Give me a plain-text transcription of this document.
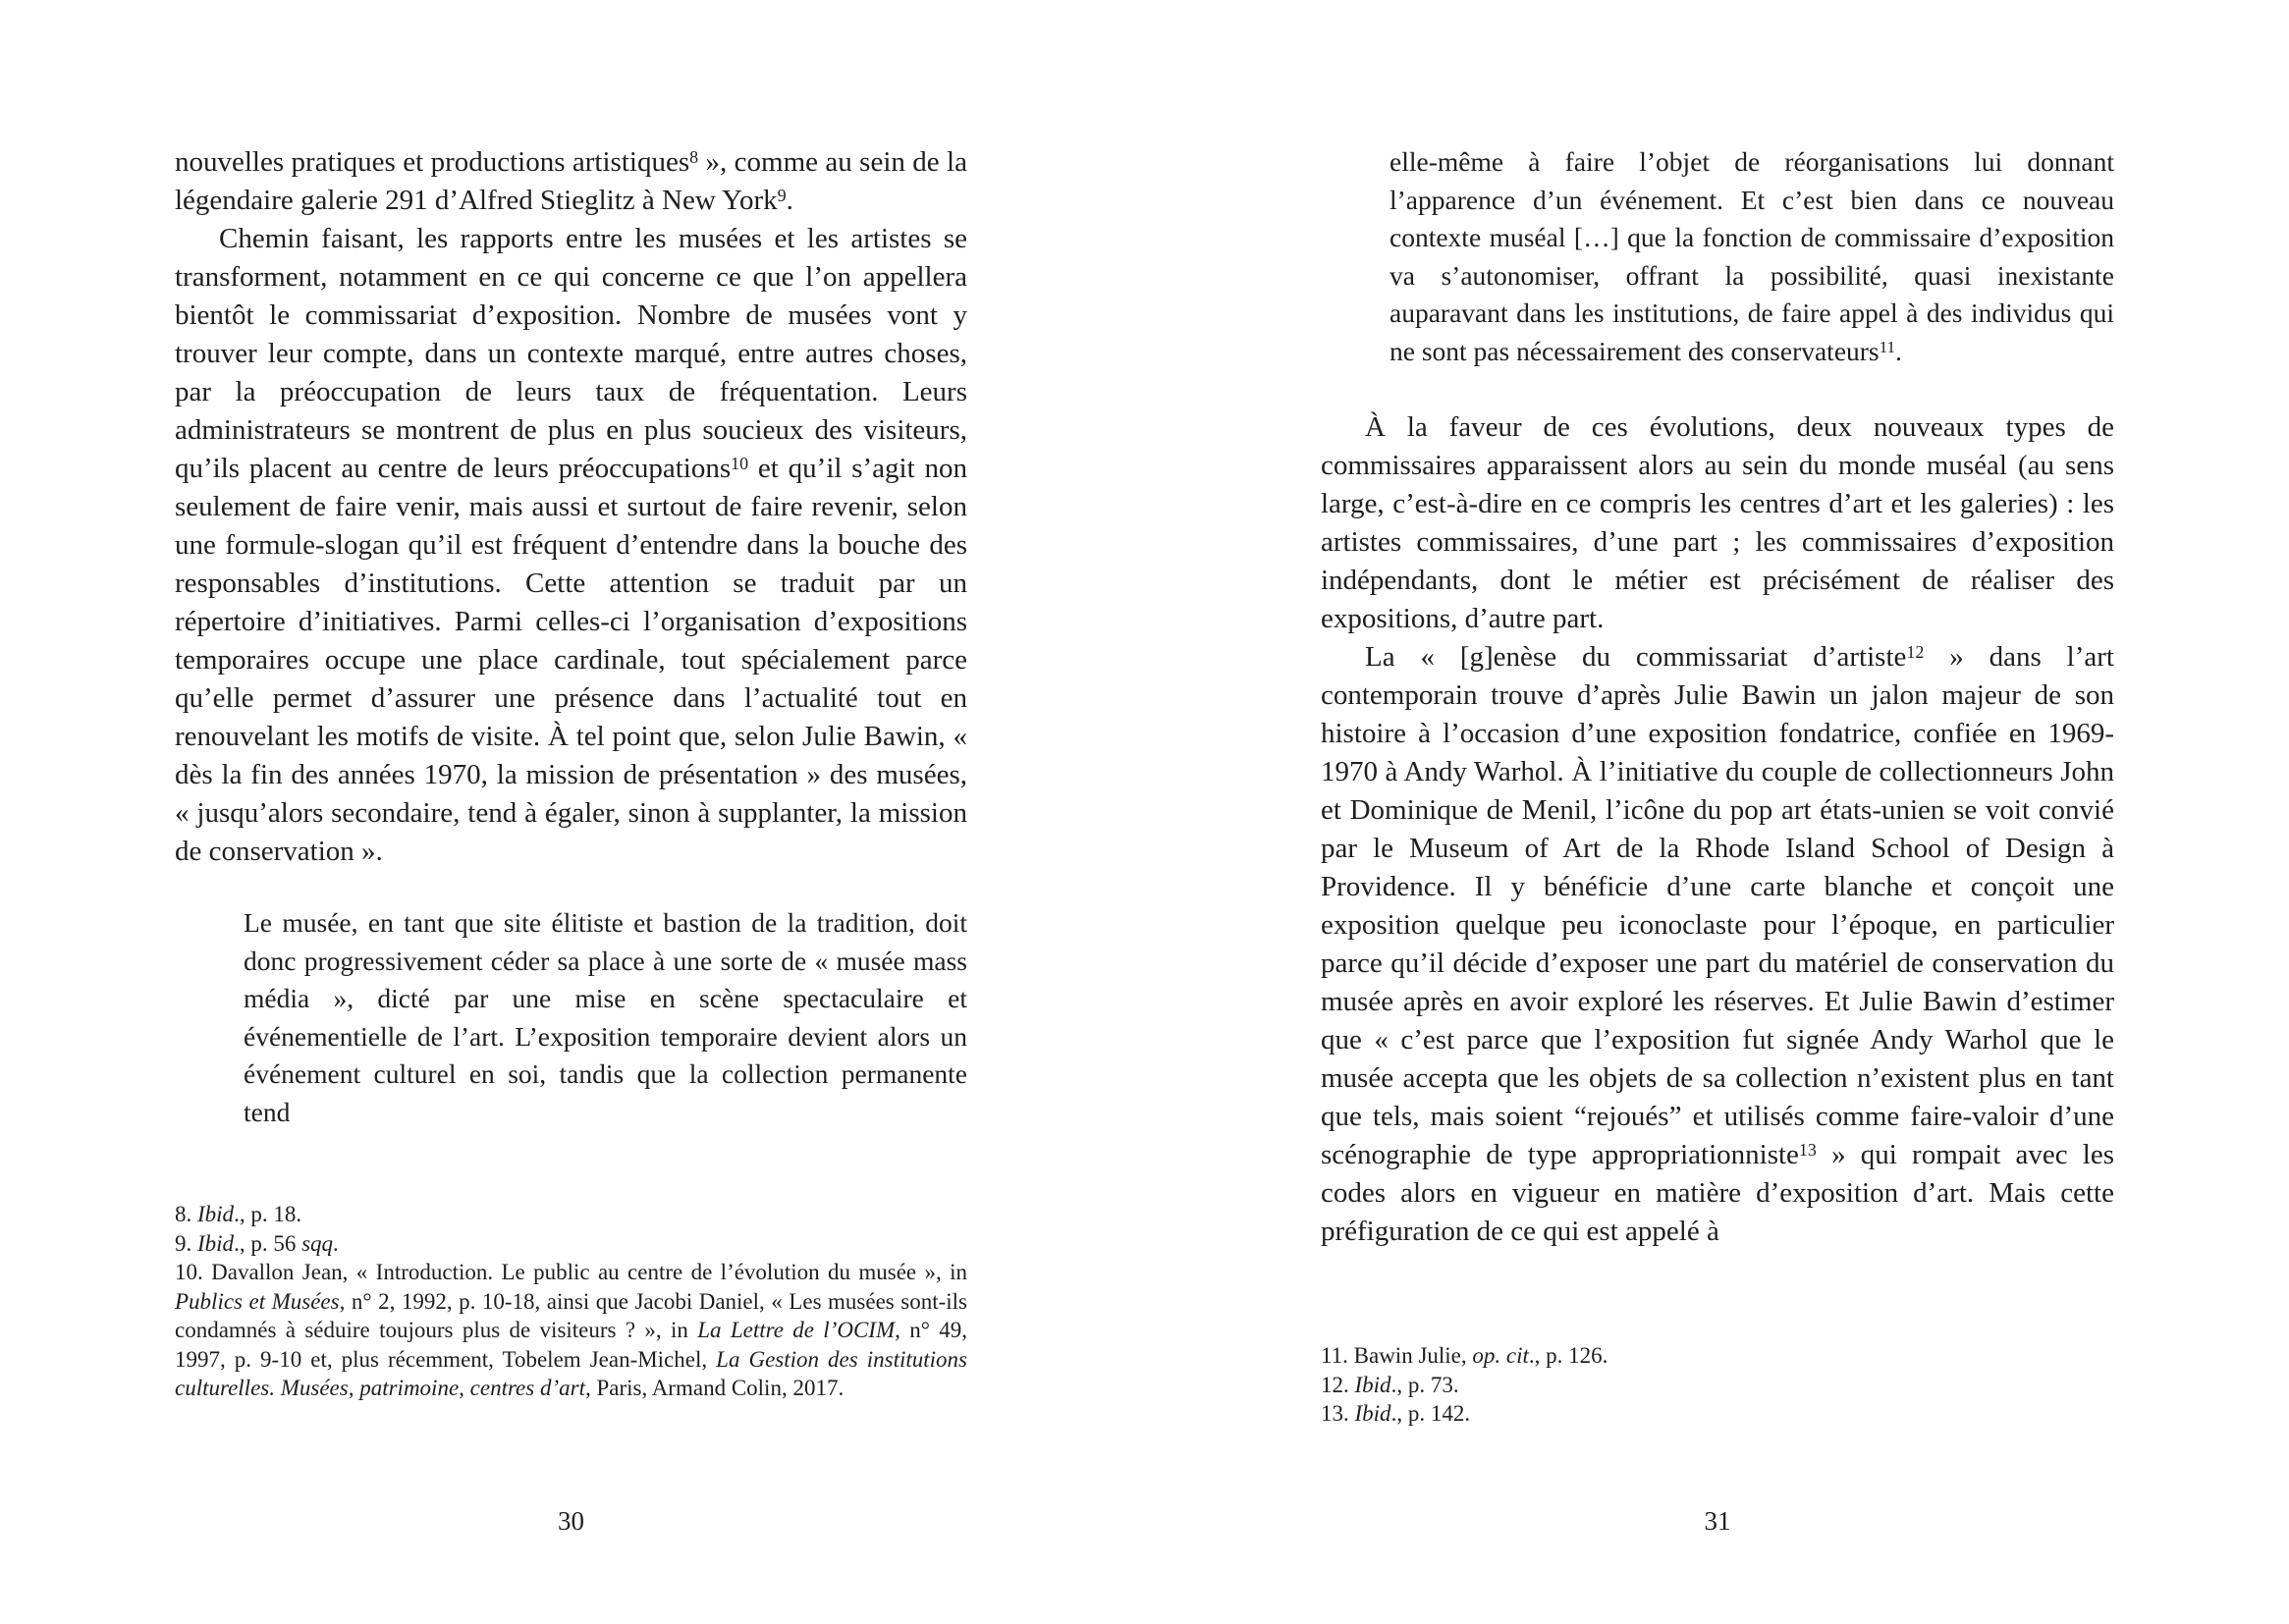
nouvelles pratiques et productions artistiques$^8$ », comme au sein de la légendaire galerie 291 d’Alfred Stieglitz à New York$^9$.

Chemin faisant, les rapports entre les musées et les artistes se transforment, notamment en ce qui concerne ce que l’on appellera bientôt le commissariat d’exposition. Nombre de musées vont y trouver leur compte, dans un contexte marqué, entre autres choses, par la préoccupation de leurs taux de fréquentation. Leurs administrateurs se montrent de plus en plus soucieux des visiteurs, qu’ils placent au centre de leurs préoccupations$^{10}$ et qu’il s’agit non seulement de faire venir, mais aussi et surtout de faire revenir, selon une formule-slogan qu’il est fréquent d’entendre dans la bouche des responsables d’institutions. Cette attention se traduit par un répertoire d’initiatives. Parmi celles-ci l’organisation d’expositions temporaires occupe une place cardinale, tout spécialement parce qu’elle permet d’assurer une présence dans l’actualité tout en renouvelant les motifs de visite. À tel point que, selon Julie Bawin, « dès la fin des années 1970, la mission de présentation » des musées, « jusqu’alors secondaire, tend à égaler, sinon à supplanter, la mission de conservation ».

Le musée, en tant que site élitiste et bastion de la tradition, doit donc progressivement céder sa place à une sorte de « musée mass média », dicté par une mise en scène spectaculaire et événementielle de l’art. L’exposition temporaire devient alors un événement culturel en soi, tandis que la collection permanente tend

8. Ibid., p. 18.

9. Ibid., p. 56 sqq.

10. Davallon Jean, « Introduction. Le public au centre de l’évolution du musée », in Publics et Musées, n° 2, 1992, p. 10-18, ainsi que Jacobi Daniel, « Les musées sont-ils condamnés à séduire toujours plus de visiteurs ? », in La Lettre de l’OCIM, n° 49, 1997, p. 9-10 et, plus récemment, Tobelem Jean-Michel, La Gestion des institutions culturelles. Musées, patrimoine, centres d’art, Paris, Armand Colin, 2017.

30
elle-même à faire l’objet de réorganisations lui donnant l’apparence d’un événement. Et c’est bien dans ce nouveau contexte muséal […] que la fonction de commissaire d’exposition va s’autonomiser, offrant la possibilité, quasi inexistante auparavant dans les institutions, de faire appel à des individus qui ne sont pas nécessairement des conservateurs$^{11}$.

À la faveur de ces évolutions, deux nouveaux types de commissaires apparaissent alors au sein du monde muséal (au sens large, c’est-à-dire en ce compris les centres d’art et les galeries) : les artistes commissaires, d’une part ; les commissaires d’exposition indépendants, dont le métier est précisément de réaliser des expositions, d’autre part.

La « [g]enèse du commissariat d’artiste$^{12}$ » dans l’art contemporain trouve d’après Julie Bawin un jalon majeur de son histoire à l’occasion d’une exposition fondatrice, confiée en 1969-1970 à Andy Warhol. À l’initiative du couple de collectionneurs John et Dominique de Menil, l’icône du pop art états-unien se voit convié par le Museum of Art de la Rhode Island School of Design à Providence. Il y bénéficie d’une carte blanche et conçoit une exposition quelque peu iconoclaste pour l’époque, en particulier parce qu’il décide d’exposer une part du matériel de conservation du musée après en avoir exploré les réserves. Et Julie Bawin d’estimer que « c’est parce que l’exposition fut signée Andy Warhol que le musée accepta que les objets de sa collection n’existent plus en tant que tels, mais soient “rejoués” et utilisés comme faire-valoir d’une scénographie de type appropriationniste$^{13}$ » qui rompait avec les codes alors en vigueur en matière d’exposition d’art. Mais cette préfiguration de ce qui est appelé à

11. Bawin Julie, op. cit., p. 126.

12. Ibid., p. 73.

13. Ibid., p. 142.

31
